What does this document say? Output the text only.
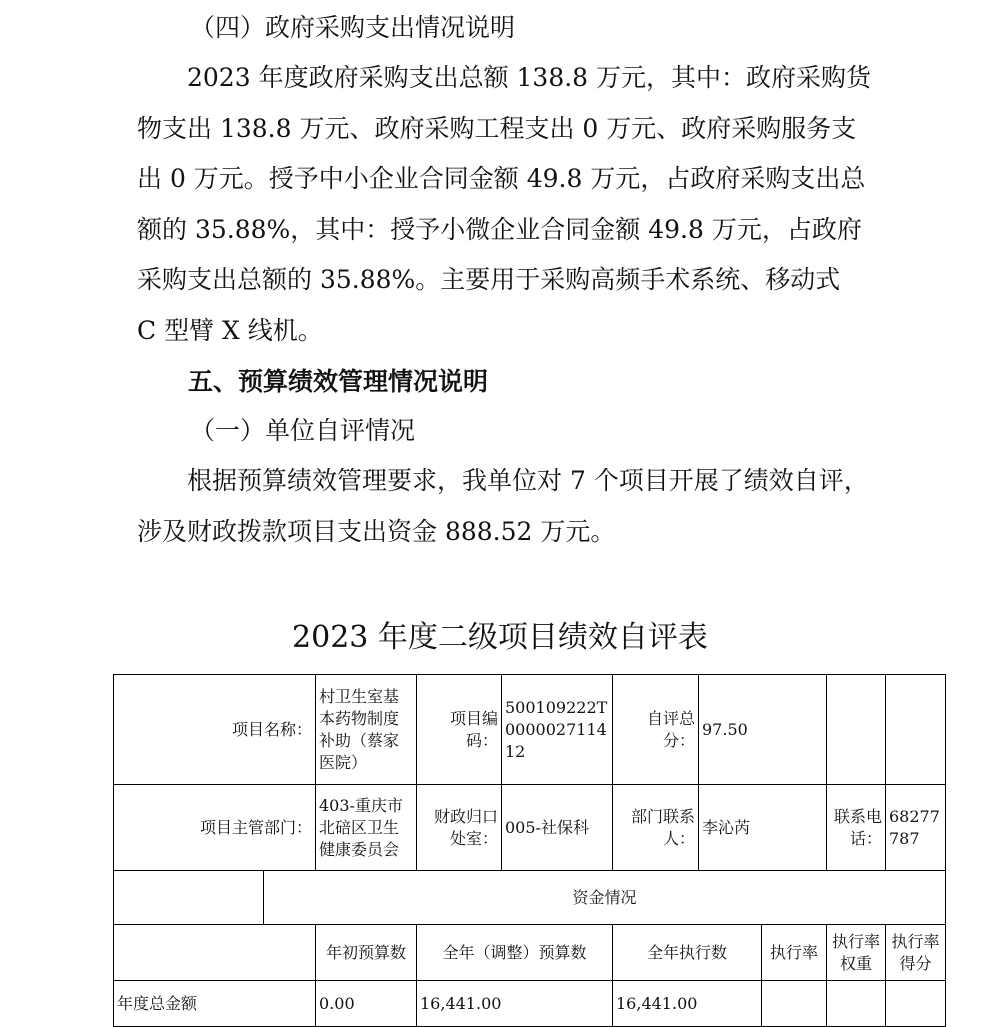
（四）政府采购支出情况说明
2023 年度政府采购支出总额 138.8 万元，其中：政府采购货
物支出 138.8 万元、政府采购工程支出 0 万元、政府采购服务支
出 0 万元。授予中小企业合同金额 49.8 万元，占政府采购支出总
额的 35.88%，其中：授予小微企业合同金额 49.8 万元，占政府
采购支出总额的 35.88%。主要用于采购高频手术系统、移动式
C 型臂 X 线机。
五、预算绩效管理情况说明
（一）单位自评情况
根据预算绩效管理要求，我单位对 7 个项目开展了绩效自评，
涉及财政拨款项目支出资金 888.52 万元。
2023 年度二级项目绩效自评表
项目名称：		村卫生室基本药物制度补助（蔡家医院）	项目编码：	500109222T000002711412	自评总分：	97.50			
项目主管部门：		403-重庆市北碚区卫生健康委员会	财政归口处室：	005-社保科	部门联系人：	李沁芮		联系电话：	68277787
	资金情况								
		年初预算数	全年（调整）预算数		全年执行数		执行率	执行率权重	执行率得分
年度总金额		0.00	16,441.00		16,441.00				
